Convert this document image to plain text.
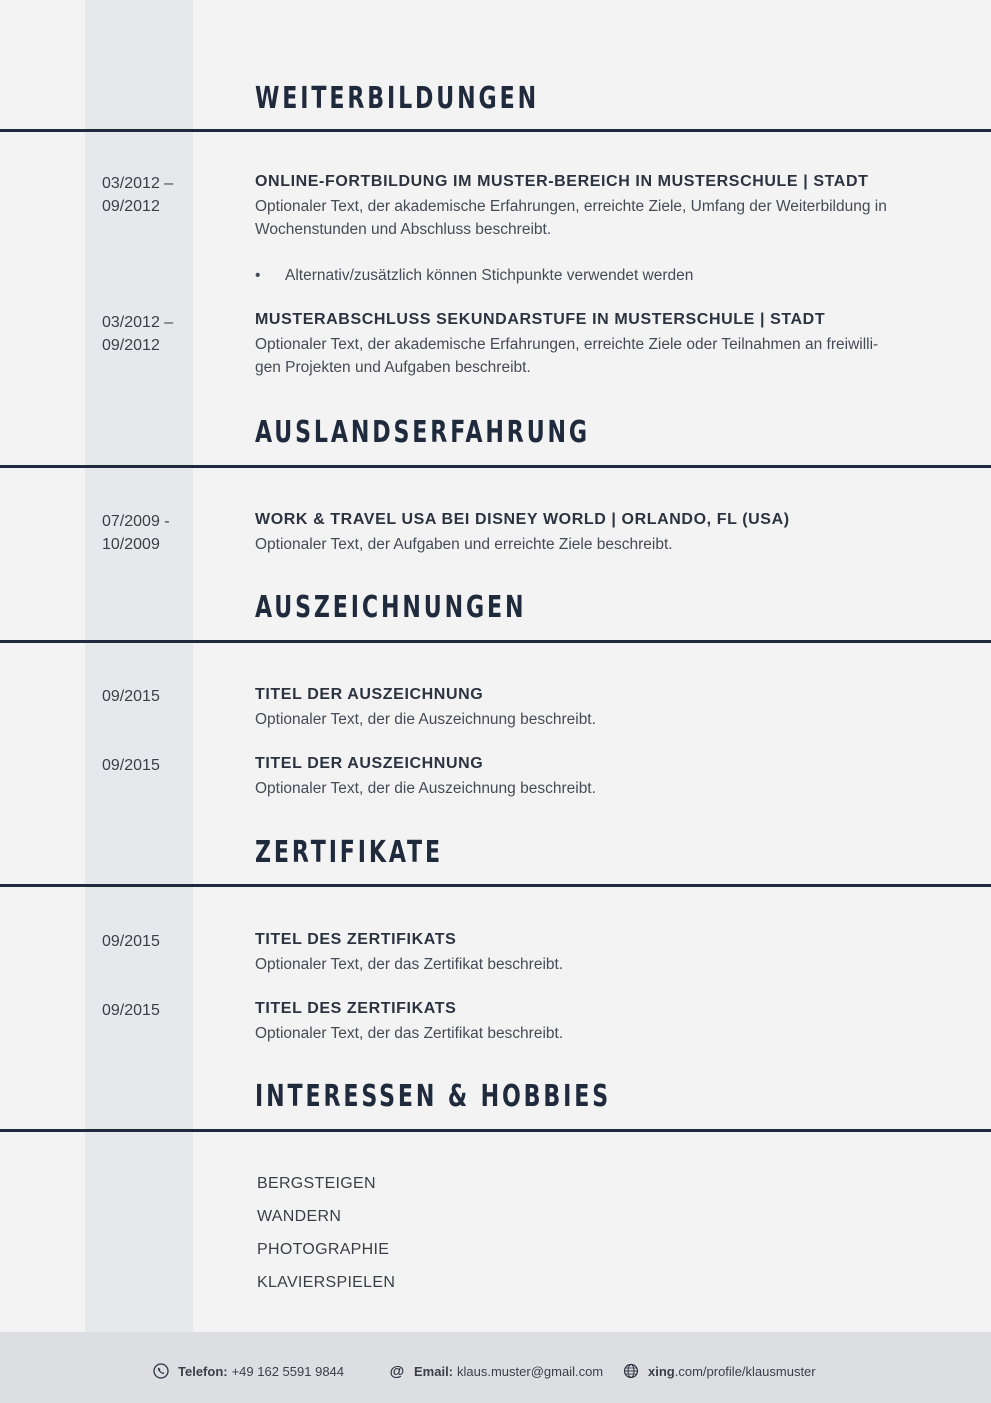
WEITERBILDUNGEN
03/2012 –
09/2012
ONLINE-FORTBILDUNG IM MUSTER-BEREICH IN MUSTERSCHULE | STADT
Optionaler Text, der akademische Erfahrungen, erreichte Ziele, Umfang der Weiterbildung in
Wochenstunden und Abschluss beschreibt.
• Alternativ/zusätzlich können Stichpunkte verwendet werden
03/2012 –
09/2012
MUSTERABSCHLUSS SEKUNDARSTUFE IN MUSTERSCHULE | STADT
Optionaler Text, der akademische Erfahrungen, erreichte Ziele oder Teilnahmen an freiwilli-
gen Projekten und Aufgaben beschreibt.
AUSLANDSERFAHRUNG
07/2009 -
10/2009
WORK & TRAVEL USA BEI DISNEY WORLD | ORLANDO, FL (USA)
Optionaler Text, der Aufgaben und erreichte Ziele beschreibt.
AUSZEICHNUNGEN
09/2015	TITEL DER AUSZEICHNUNG
Optionaler Text, der die Auszeichnung beschreibt.
09/2015	TITEL DER AUSZEICHNUNG
Optionaler Text, der die Auszeichnung beschreibt.
ZERTIFIKATE
09/2015	TITEL DES ZERTIFIKATS
Optionaler Text, der das Zertifikat beschreibt.
09/2015	TITEL DES ZERTIFIKATS
Optionaler Text, der das Zertifikat beschreibt.
INTERESSEN & HOBBIES
BERGSTEIGEN
WANDERN
PHOTOGRAPHIE
KLAVIERSPIELEN
Telefon: +49 162 5591 9844	@ Email: klaus.muster@gmail.com	xing .com/profile/klausmuster
